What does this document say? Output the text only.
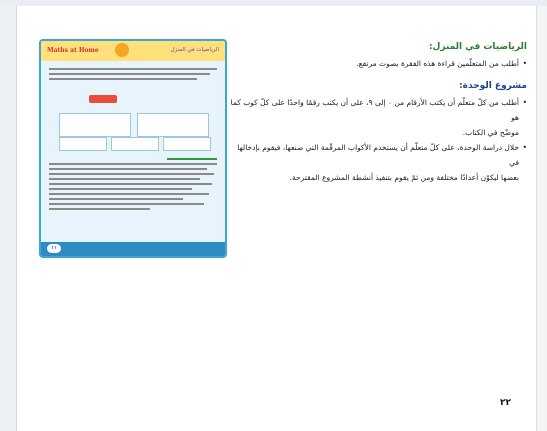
Maths at Home	الرياضيات في المنزل
١١

الرياضيات في المنزل:

• أطلب من المتعلّمين قراءة هذه الفقرة بصوت مرتفع.

مشروع الوحدة:

• أطلب من كلّ متعلّم أن يكتب الأرقام من ٠ إلى ٩، على أن يكتب رقمًا واحدًا على كلّ كوب كما هو

موضّح في الكتاب.

• خلال دراسة الوحدة، على كلّ متعلّم أن يستخدم الأكواب المرقّمة التي صنعها، فيقوم بإدخالها في

بعضها ليكوّن أعدادًا مختلفة ومن ثمّ يقوم بتنفيذ أنشطة المشروع المقترحة.

٢٢
